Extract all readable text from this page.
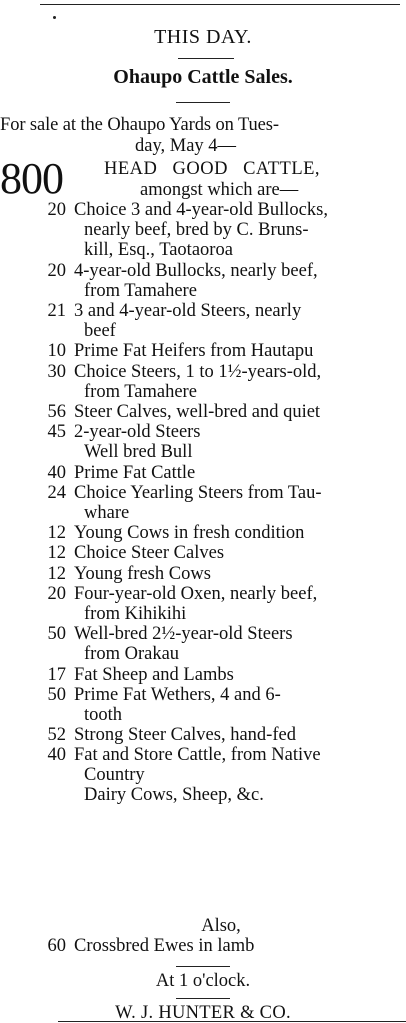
THIS DAY.
Ohaupo Cattle Sales.
For sale at the Ohaupo Yards on Tues-
day, May 4—
800 HEAD GOOD CATTLE,
amongst which are—
20 Choice 3 and 4-year-old Bullocks,
nearly beef, bred by C. Bruns-
kill, Esq., Taotaoroa
20 4-year-old Bullocks, nearly beef,
from Tamahere
21 3 and 4-year-old Steers, nearly
beef
10 Prime Fat Heifers from Hautapu
30 Choice Steers, 1 to 1½-years-old,
from Tamahere
56 Steer Calves, well-bred and quiet
45 2-year-old Steers
Well bred Bull
40 Prime Fat Cattle
24 Choice Yearling Steers from Tau-
whare
12 Young Cows in fresh condition
12 Choice Steer Calves
12 Young fresh Cows
20 Four-year-old Oxen, nearly beef,
from Kihikihi
50 Well-bred 2½-year-old Steers
from Orakau
17 Fat Sheep and Lambs
50 Prime Fat Wethers, 4 and 6-
tooth
52 Strong Steer Calves, hand-fed
40 Fat and Store Cattle, from Native
Country
Dairy Cows, Sheep, &c.
Also,
60 Crossbred Ewes in lamb
At 1 o'clock.
W. J. HUNTER & CO.
